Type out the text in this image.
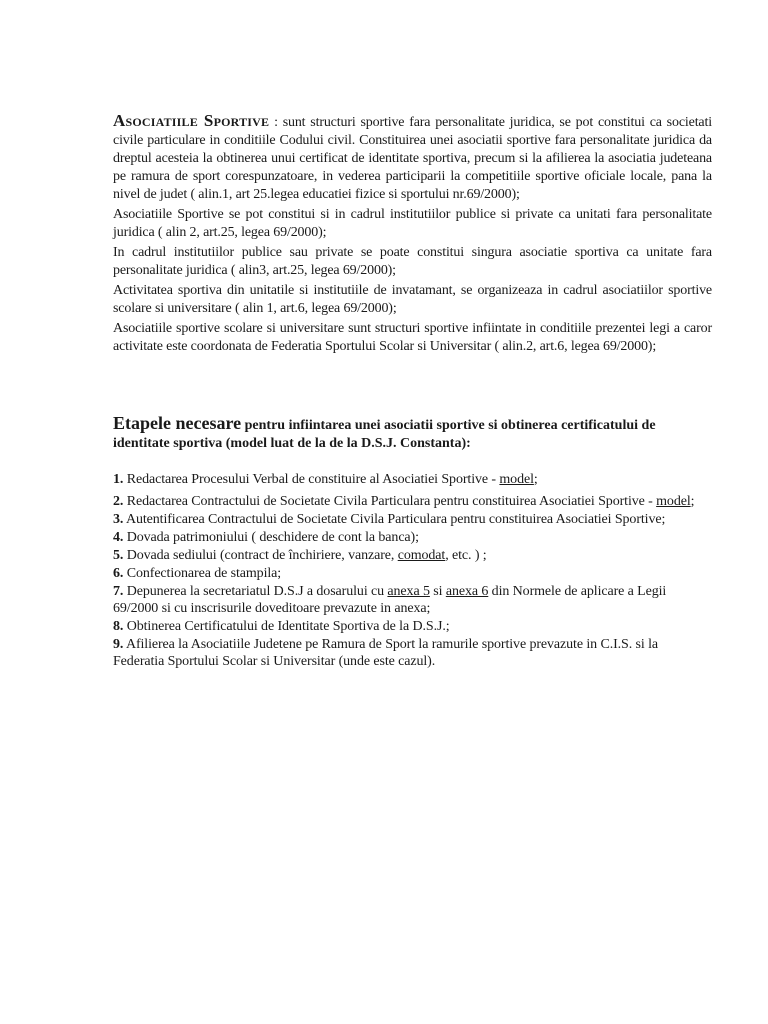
Asociatiile Sportive : sunt structuri sportive fara personalitate juridica, se pot constitui ca societati civile particulare in conditiile Codului civil. Constituirea unei asociatii sportive fara personalitate juridica da dreptul acesteia la obtinerea unui certificat de identitate sportiva, precum si la afilierea la asociatia judeteana pe ramura de sport corespunzatoare, in vederea participarii la competitiile sportive oficiale locale, pana la nivel de judet ( alin.1, art 25.legea educatiei fizice si sportului nr.69/2000);

Asociatiile Sportive se pot constitui si in cadrul institutiilor publice si private ca unitati fara personalitate juridica ( alin 2, art.25, legea 69/2000);

In cadrul institutiilor publice sau private se poate constitui singura asociatie sportiva ca unitate fara personalitate juridica ( alin3, art.25, legea 69/2000);

Activitatea sportiva din unitatile si institutiile de invatamant, se organizeaza in cadrul asociatiilor sportive scolare si universitare ( alin 1, art.6, legea 69/2000);

Asociatiile sportive scolare si universitare sunt structuri sportive infiintate in conditiile prezentei legi a caror activitate este coordonata de Federatia Sportului Scolar si Universitar ( alin.2, art.6, legea 69/2000);

Etapele necesare pentru infiintarea unei asociatii sportive si obtinerea certificatului de identitate sportiva (model luat de la de la D.S.J. Constanta):

1. Redactarea Procesului Verbal de constituire al Asociatiei Sportive - model;
2. Redactarea Contractului de Societate Civila Particulara pentru constituirea Asociatiei Sportive - model;
3. Autentificarea Contractului de Societate Civila Particulara pentru constituirea Asociatiei Sportive;
4. Dovada patrimoniului ( deschidere de cont la banca);
5. Dovada sediului (contract de închiriere, vanzare, comodat, etc. ) ;
6. Confectionarea de stampila;
7. Depunerea la secretariatul D.S.J a dosarului cu anexa 5 si anexa 6 din Normele de aplicare a Legii 69/2000 si cu inscrisurile doveditoare prevazute in anexa;
8. Obtinerea Certificatului de Identitate Sportiva de la D.S.J.;
9. Afilierea la Asociatiile Judetene pe Ramura de Sport la ramurile sportive prevazute in C.I.S. si la Federatia Sportului Scolar si Universitar (unde este cazul).
